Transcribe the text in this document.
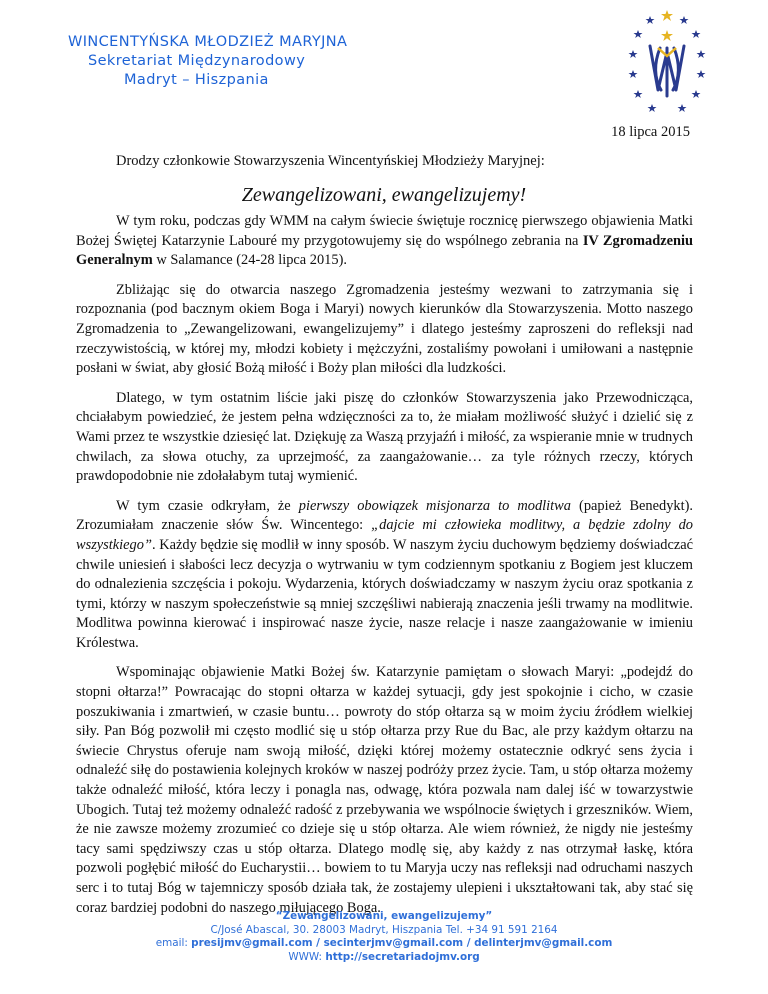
WINCENTYŃSKA MŁODZIEŻ MARYJNA
Sekretariat Międzynarodowy
Madryt – Hiszpania
18 lipca 2015
Drodzy członkowie Stowarzyszenia Wincentyńskiej Młodzieży Maryjnej:
Zewangelizowani, ewangelizujemy!

W tym roku, podczas gdy WMM na całym świecie świętuje rocznicę pierwszego objawienia Matki Bożej Świętej Katarzynie Labouré my przygotowujemy się do wspólnego zebrania na IV Zgromadzeniu Generalnym w Salamance (24-28 lipca 2015).

Zbliżając się do otwarcia naszego Zgromadzenia jesteśmy wezwani to zatrzymania się i rozpoznania (pod bacznym okiem Boga i Maryi) nowych kierunków dla Stowarzyszenia. Motto naszego Zgromadzenia to „Zewangelizowani, ewangelizujemy” i dlatego jesteśmy zaproszeni do refleksji nad rzeczywistością, w której my, młodzi kobiety i mężczyźni, zostaliśmy powołani i umiłowani a następnie posłani w świat, aby głosić Bożą miłość i Boży plan miłości dla ludzkości.

Dlatego, w tym ostatnim liście jaki piszę do członków Stowarzyszenia jako Przewodnicząca, chciałabym powiedzieć, że jestem pełna wdzięczności za to, że miałam możliwość służyć i dzielić się z Wami przez te wszystkie dziesięć lat. Dziękuję za Waszą przyjaźń i miłość, za wspieranie mnie w trudnych chwilach, za słowa otuchy, za uprzejmość, za zaangażowanie… za tyle różnych rzeczy, których prawdopodobnie nie zdołałabym tutaj wymienić.

W tym czasie odkryłam, że pierwszy obowiązek misjonarza to modlitwa (papież Benedykt). Zrozumiałam znaczenie słów Św. Wincentego: „dajcie mi człowieka modlitwy, a będzie zdolny do wszystkiego”. Każdy będzie się modlił w inny sposób. W naszym życiu duchowym będziemy doświadczać chwile uniesień i słabości lecz decyzja o wytrwaniu w tym codziennym spotkaniu z Bogiem jest kluczem do odnalezienia szczęścia i pokoju. Wydarzenia, których doświadczamy w naszym życiu oraz spotkania z tymi, którzy w naszym społeczeństwie są mniej szczęśliwi nabierają znaczenia jeśli trwamy na modlitwie. Modlitwa powinna kierować i inspirować nasze życie, nasze relacje i nasze zaangażowanie w imieniu Królestwa.

Wspominając objawienie Matki Bożej św. Katarzynie pamiętam o słowach Maryi: „podejdź do stopni ołtarza!” Powracając do stopni ołtarza w każdej sytuacji, gdy jest spokojnie i cicho, w czasie poszukiwania i zmartwień, w czasie buntu… powroty do stóp ołtarza są w moim życiu źródłem wielkiej siły. Pan Bóg pozwolił mi często modlić się u stóp ołtarza przy Rue du Bac, ale przy każdym ołtarzu na świecie Chrystus oferuje nam swoją miłość, dzięki której możemy ostatecznie odkryć sens życia i odnaleźć siłę do postawienia kolejnych kroków w naszej podróży przez życie. Tam, u stóp ołtarza możemy także odnaleźć miłość, która leczy i ponagla nas, odwagę, która pozwala nam dalej iść w towarzystwie Ubogich. Tutaj też możemy odnaleźć radość z przebywania we wspólnocie świętych i grzeszników. Wiem, że nie zawsze możemy zrozumieć co dzieje się u stóp ołtarza. Ale wiem również, że nigdy nie jesteśmy tacy sami spędziwszy czas u stóp ołtarza. Dlatego modlę się, aby każdy z nas otrzymał łaskę, która pozwoli pogłębić miłość do Eucharystii… bowiem to tu Maryja uczy nas refleksji nad odruchami naszych serc i to tutaj Bóg w tajemniczy sposób działa tak, że zostajemy ulepieni i ukształtowani tak, aby stać się coraz bardziej podobni do naszego miłującego Boga.

“Zewangelizowani, ewangelizujemy”
C/José Abascal, 30. 28003 Madryt, Hiszpania Tel. +34 91 591 2164
email: presijmv@gmail.com / secinterjmv@gmail.com / delinterjmv@gmail.com
WWW: http://secretariadojmv.org
